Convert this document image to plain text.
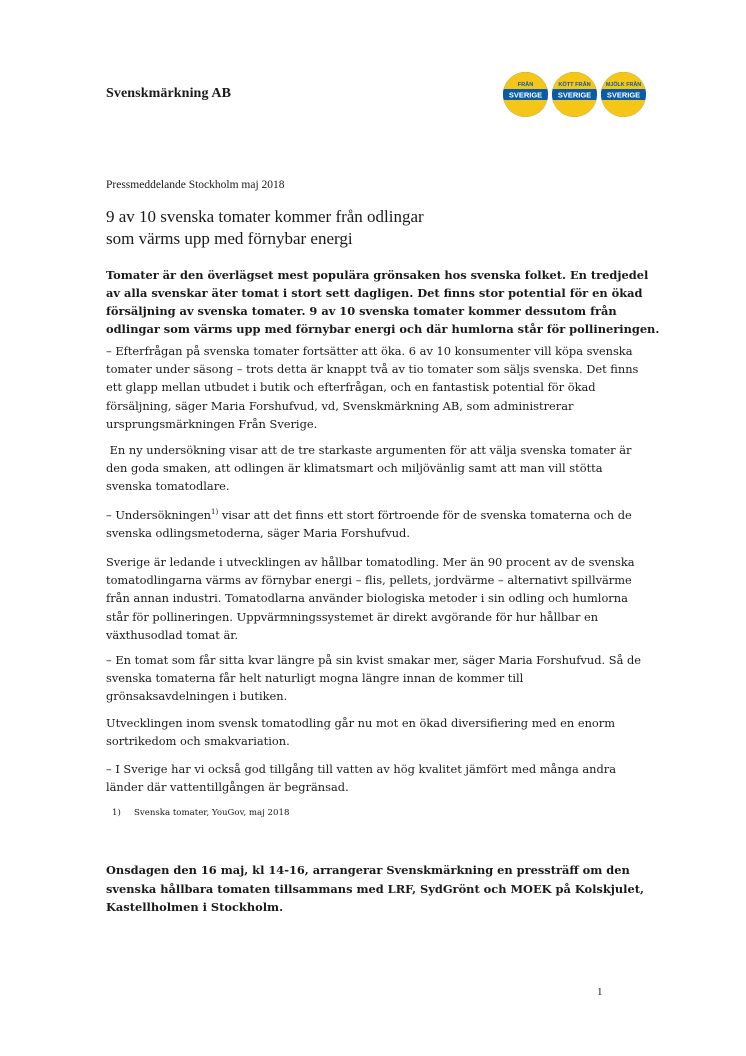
Svenskmärkning AB
FRÅN
SVERIGE
KÖTT FRÅN
SVERIGE
MJÖLK FRÅN
SVERIGE
Pressmeddelande Stockholm maj 2018
9 av 10 svenska tomater kommer från odlingar
som värms upp med förnybar energi
Tomater är den överlägset mest populära grönsaken hos svenska folket. En tredjedel
av alla svenskar äter tomat i stort sett dagligen. Det finns stor potential för en ökad
försäljning av svenska tomater. 9 av 10 svenska tomater kommer dessutom från
odlingar som värms upp med förnybar energi och där humlorna står för pollineringen.
– Efterfrågan på svenska tomater fortsätter att öka. 6 av 10 konsumenter vill köpa svenska
tomater under säsong – trots detta är knappt två av tio tomater som säljs svenska. Det finns
ett glapp mellan utbudet i butik och efterfrågan, och en fantastisk potential för ökad
försäljning, säger Maria Forshufvud, vd, Svenskmärkning AB, som administrerar
ursprungsmärkningen Från Sverige.
En ny undersökning visar att de tre starkaste argumenten för att välja svenska tomater är
den goda smaken, att odlingen är klimatsmart och miljövänlig samt att man vill stötta
svenska tomatodlare.
– Undersökningen$^{1)}$ visar att det finns ett stort förtroende för de svenska tomaterna och de
svenska odlingsmetoderna, säger Maria Forshufvud.
Sverige är ledande i utvecklingen av hållbar tomatodling. Mer än 90 procent av de svenska
tomatodlingarna värms av förnybar energi – flis, pellets, jordvärme – alternativt spillvärme
från annan industri. Tomatodlarna använder biologiska metoder i sin odling och humlorna
står för pollineringen. Uppvärmningssystemet är direkt avgörande för hur hållbar en
växthusodlad tomat är.
– En tomat som får sitta kvar längre på sin kvist smakar mer, säger Maria Forshufvud. Så de
svenska tomaterna får helt naturligt mogna längre innan de kommer till
grönsaksavdelningen i butiken.
Utvecklingen inom svensk tomatodling går nu mot en ökad diversifiering med en enorm
sortrikedom och smakvariation.
– I Sverige har vi också god tillgång till vatten av hög kvalitet jämfört med många andra
länder där vattentillgången är begränsad.
1) Svenska tomater, YouGov, maj 2018
Onsdagen den 16 maj, kl 14-16, arrangerar Svenskmärkning en pressträff om den
svenska hållbara tomaten tillsammans med LRF, SydGrönt och MOEK på Kolskjulet,
Kastellholmen i Stockholm.
1
